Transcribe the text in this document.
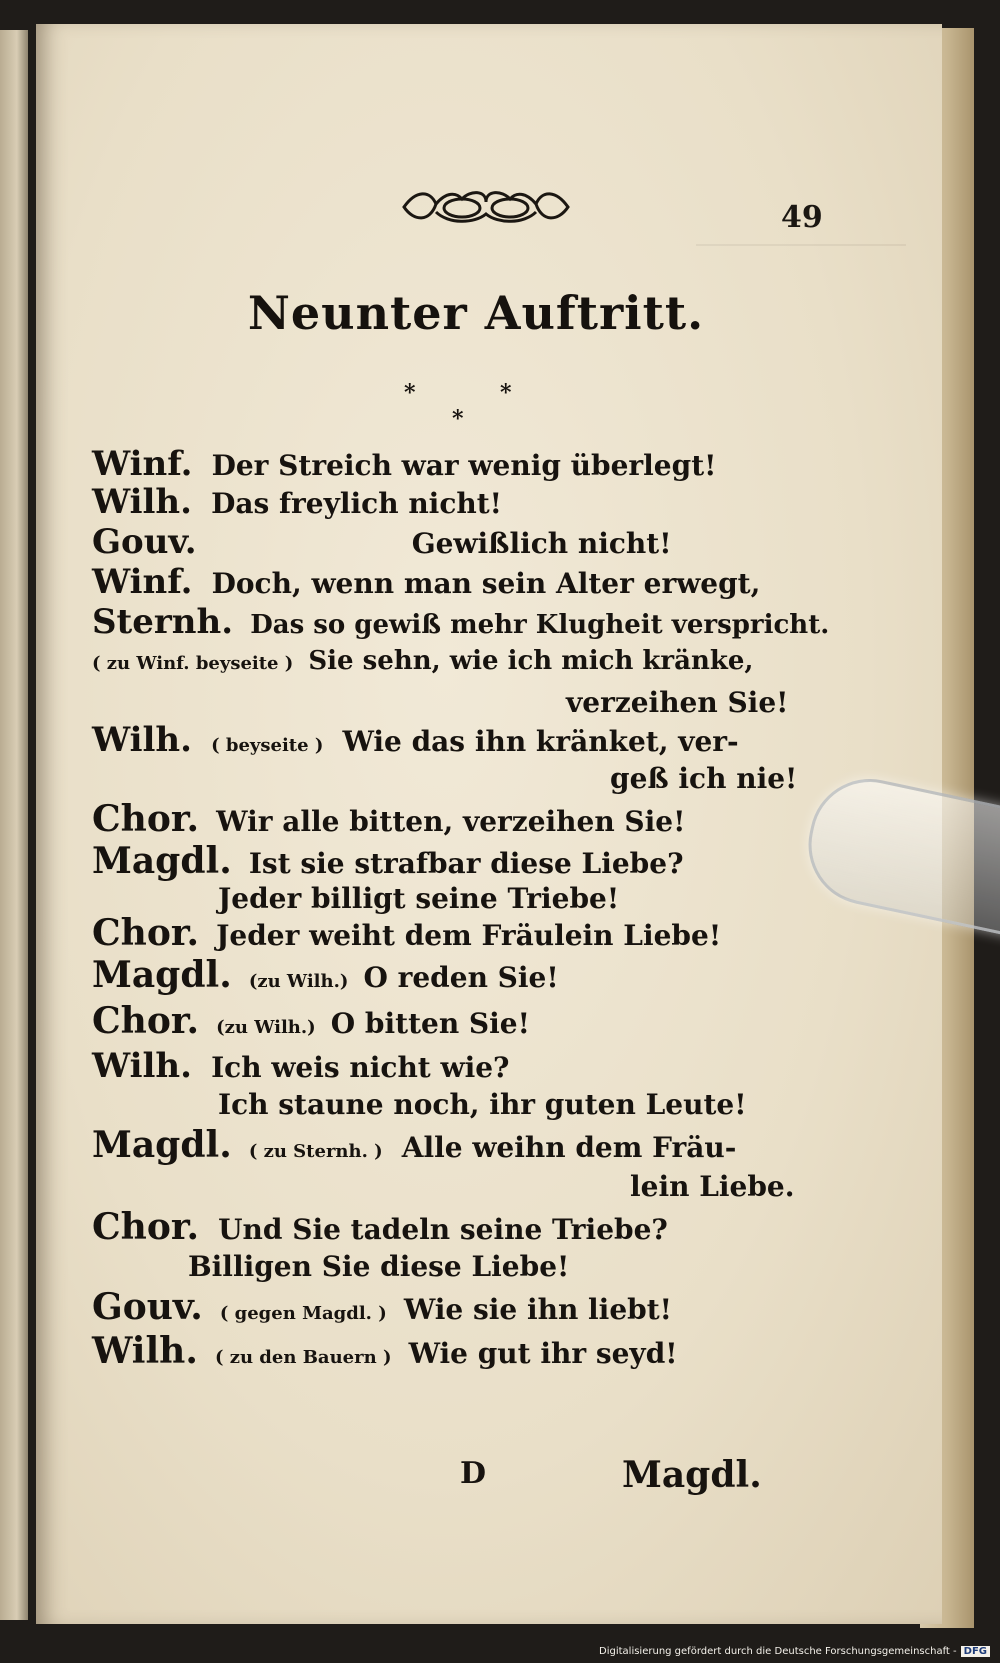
49
Neunter Auftritt.
*	*
*
Winf. Der Streich war wenig überlegt!
Wilh. Das freylich nicht!
Gouv.	Gewißlich nicht!
Winf. Doch, wenn man sein Alter erwegt,
Sternh. Das so gewiß mehr Klugheit verspricht.
( zu Winf. beyseite ) Sie sehn, wie ich mich kränke,
verzeihen Sie!
Wilh. ( beyseite ) Wie das ihn kränket, ver-
geß ich nie!
Chor. Wir alle bitten, verzeihen Sie!
Magdl. Ist sie strafbar diese Liebe?
Jeder billigt seine Triebe!
Chor. Jeder weiht dem Fräulein Liebe!
Magdl. (zu Wilh.) O reden Sie!
Chor. (zu Wilh.) O bitten Sie!
Wilh. Ich weis nicht wie?
Ich staune noch, ihr guten Leute!
Magdl. ( zu Sternh. ) Alle weihn dem Fräu-
lein Liebe.
Chor. Und Sie tadeln seine Triebe?
Billigen Sie diese Liebe!
Gouv. ( gegen Magdl. ) Wie sie ihn liebt!
Wilh. ( zu den Bauern ) Wie gut ihr seyd!
D	Magdl.
Digitalisierung gefördert durch die Deutsche Forschungsgemeinschaft - DFG
